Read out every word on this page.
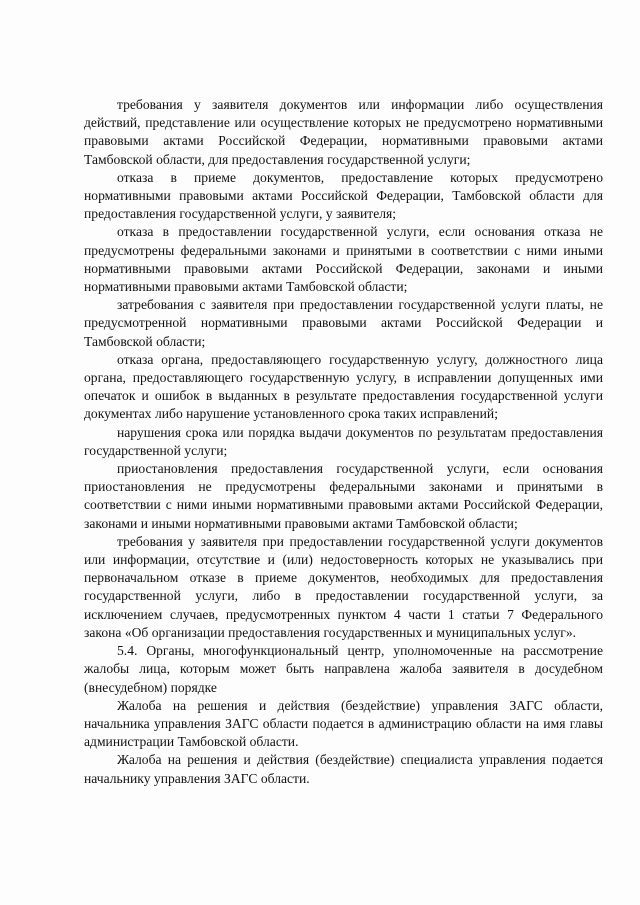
требования у заявителя документов или информации либо осуществления действий, представление или осуществление которых не предусмотрено нормативными правовыми актами Российской Федерации, нормативными правовыми актами Тамбовской области, для предоставления государственной услуги;

отказа в приеме документов, предоставление которых предусмотрено нормативными правовыми актами Российской Федерации, Тамбовской области для предоставления государственной услуги, у заявителя;

отказа в предоставлении государственной услуги, если основания отказа не предусмотрены федеральными законами и принятыми в соответствии с ними иными нормативными правовыми актами Российской Федерации, законами и иными нормативными правовыми актами Тамбовской области;

затребования с заявителя при предоставлении государственной услуги платы, не предусмотренной нормативными правовыми актами Российской Федерации и Тамбовской области;

отказа органа, предоставляющего государственную услугу, должностного лица органа, предоставляющего государственную услугу, в исправлении допущенных ими опечаток и ошибок в выданных в результате предоставления государственной услуги документах либо нарушение установленного срока таких исправлений;

нарушения срока или порядка выдачи документов по результатам предоставления государственной услуги;

приостановления предоставления государственной услуги, если основания приостановления не предусмотрены федеральными законами и принятыми в соответствии с ними иными нормативными правовыми актами Российской Федерации, законами и иными нормативными правовыми актами Тамбовской области;

требования у заявителя при предоставлении государственной услуги документов или информации, отсутствие и (или) недостоверность которых не указывались при первоначальном отказе в приеме документов, необходимых для предоставления государственной услуги, либо в предоставлении государственной услуги, за исключением случаев, предусмотренных пунктом 4 части 1 статьи 7 Федерального закона «Об организации предоставления государственных и муниципальных услуг».

5.4. Органы, многофункциональный центр, уполномоченные на рассмотрение жалобы лица, которым может быть направлена жалоба заявителя в досудебном (внесудебном) порядке

Жалоба на решения и действия (бездействие) управления ЗАГС области, начальника управления ЗАГС области подается в администрацию области на имя главы администрации Тамбовской области.

Жалоба на решения и действия (бездействие) специалиста управления подается начальнику управления ЗАГС области.
